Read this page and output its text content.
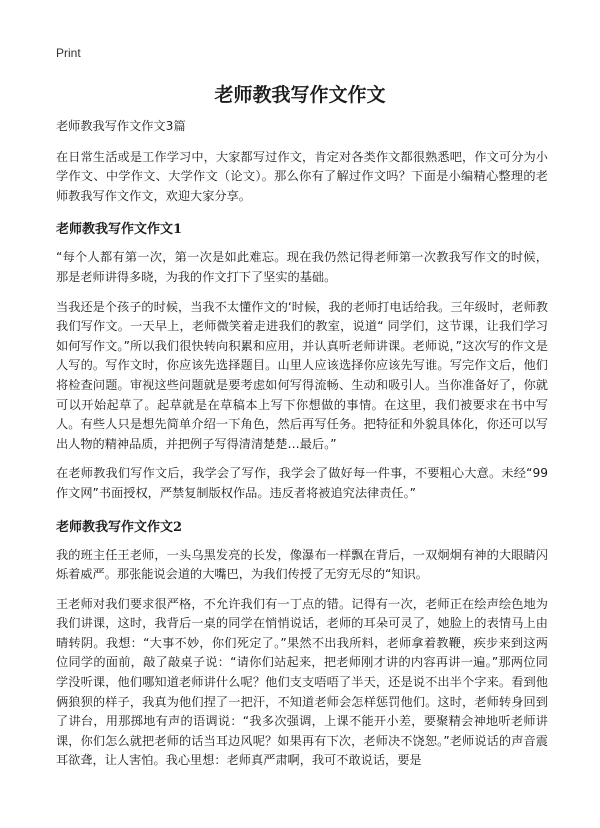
Print
老师教我写作文作文

老师教我写作文作文3篇

在日常生活或是工作学习中，大家都写过作文，肯定对各类作文都很熟悉吧，作文可分为小学作文、中学作文、大学作文（论文）。那么你有了解过作文吗？下面是小编精心整理的老师教我写作文作文，欢迎大家分享。

老师教我写作文作文1

“每个人都有第一次，第一次是如此难忘。现在我仍然记得老师第一次教我写作文的时候，那是老师讲得多晓，为我的作文打下了坚实的基础。

当我还是个孩子的时候，当我不太懂作文的‘时候，我的老师打电话给我。三年级时，老师教我们写作文。一天早上，老师微笑着走进我们的教室，说道“ 同学们，这节课，让我们学习如何写作文。”所以我们很快转向积累和应用，并认真听老师讲课。老师说，”这次写的作文是人写的。写作文时，你应该先选择题目。山里人应该选择你应该先写谁。写完作文后，他们将检查问题。审视这些问题就是要考虑如何写得流畅、生动和吸引人。当你准备好了，你就可以开始起草了。起草就是在草稿本上写下你想做的事情。在这里，我们被要求在书中写人。有些人只是想先简单介绍一下角色，然后再写任务。把特征和外貌具体化，你还可以写出人物的精神品质，并把例子写得清清楚楚…最后。”

在老师教我们写作文后，我学会了写作，我学会了做好每一件事，不要粗心大意。未经“99作文网”书面授权，严禁复制版权作品。违反者将被追究法律责任。”

老师教我写作文作文2

我的班主任王老师，一头乌黑发亮的长发，像瀑布一样飘在背后，一双炯炯有神的大眼睛闪烁着威严。那张能说会道的大嘴巴，为我们传授了无穷无尽的“知识。

王老师对我们要求很严格，不允许我们有一丁点的错。记得有一次，老师正在绘声绘色地为我们讲课，这时，我背后一桌的同学在悄悄说话，老师的耳朵可灵了，她脸上的表情马上由晴转阴。我想：“大事不妙，你们死定了。”果然不出我所料，老师拿着教鞭，疾步来到这两位同学的面前，敲了敲桌子说：“请你们站起来，把老师刚才讲的内容再讲一遍。”那两位同学没听课，他们哪知道老师讲什么呢？他们支支唔唔了半天，还是说不出半个字来。看到他俩狼狈的样子，我真为他们捏了一把汗，不知道老师会怎样惩罚他们。这时，老师转身回到了讲台，用那掷地有声的语调说：“我多次强调，上课不能开小差，要聚精会神地听老师讲课，你们怎么就把老师的话当耳边风呢？如果再有下次，老师决不饶恕。”老师说话的声音震耳欲聋，让人害怕。我心里想：老师真严肃啊，我可不敢说话，要是
